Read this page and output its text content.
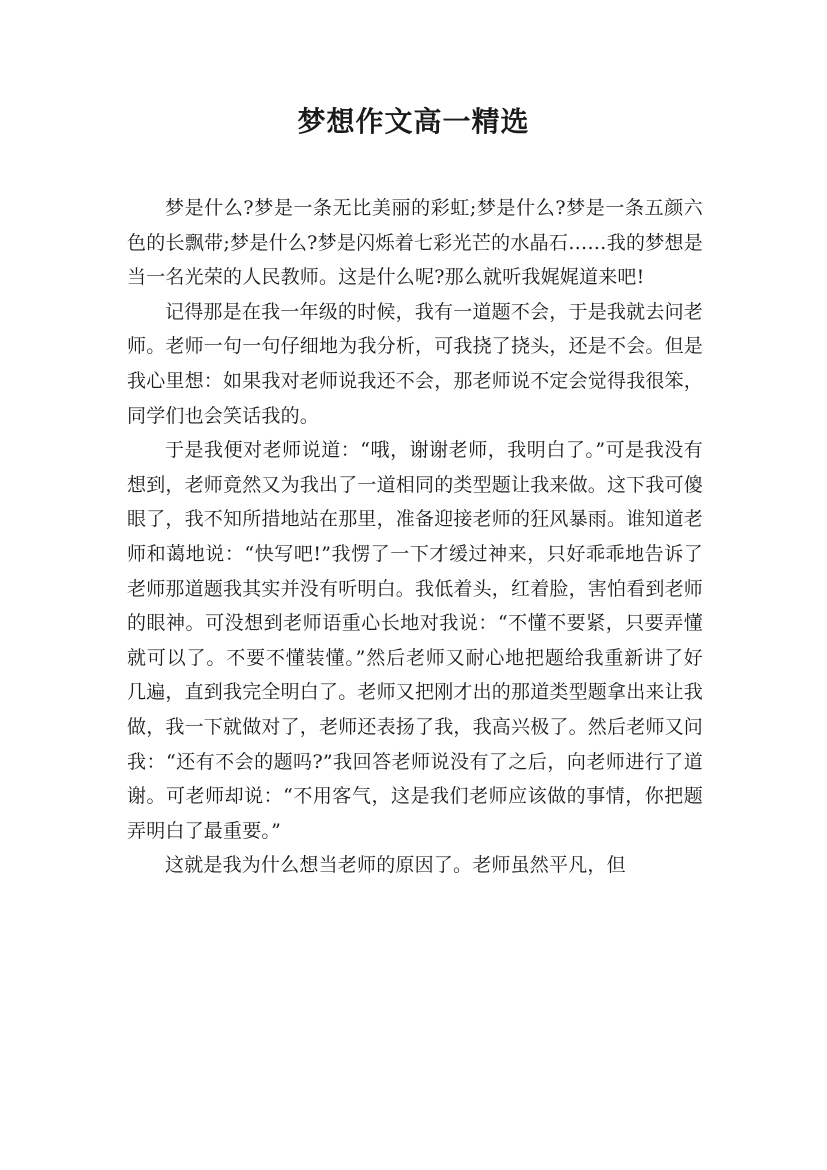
梦想作文高一精选

梦是什么?梦是一条无比美丽的彩虹;梦是什么?梦是一条五颜六色的长飘带;梦是什么?梦是闪烁着七彩光芒的水晶石……我的梦想是当一名光荣的人民教师。这是什么呢?那么就听我娓娓道来吧!

记得那是在我一年级的时候，我有一道题不会，于是我就去问老师。老师一句一句仔细地为我分析，可我挠了挠头，还是不会。但是我心里想：如果我对老师说我还不会，那老师说不定会觉得我很笨，同学们也会笑话我的。

于是我便对老师说道：“哦，谢谢老师，我明白了。”可是我没有想到，老师竟然又为我出了一道相同的类型题让我来做。这下我可傻眼了，我不知所措地站在那里，准备迎接老师的狂风暴雨。谁知道老师和蔼地说：“快写吧!”我愣了一下才缓过神来，只好乖乖地告诉了老师那道题我其实并没有听明白。我低着头，红着脸，害怕看到老师的眼神。可没想到老师语重心长地对我说：“不懂不要紧，只要弄懂就可以了。不要不懂装懂。”然后老师又耐心地把题给我重新讲了好几遍，直到我完全明白了。老师又把刚才出的那道类型题拿出来让我做，我一下就做对了，老师还表扬了我，我高兴极了。然后老师又问我：“还有不会的题吗?”我回答老师说没有了之后，向老师进行了道谢。可老师却说：“不用客气，这是我们老师应该做的事情，你把题弄明白了最重要。”

这就是我为什么想当老师的原因了。老师虽然平凡，但
